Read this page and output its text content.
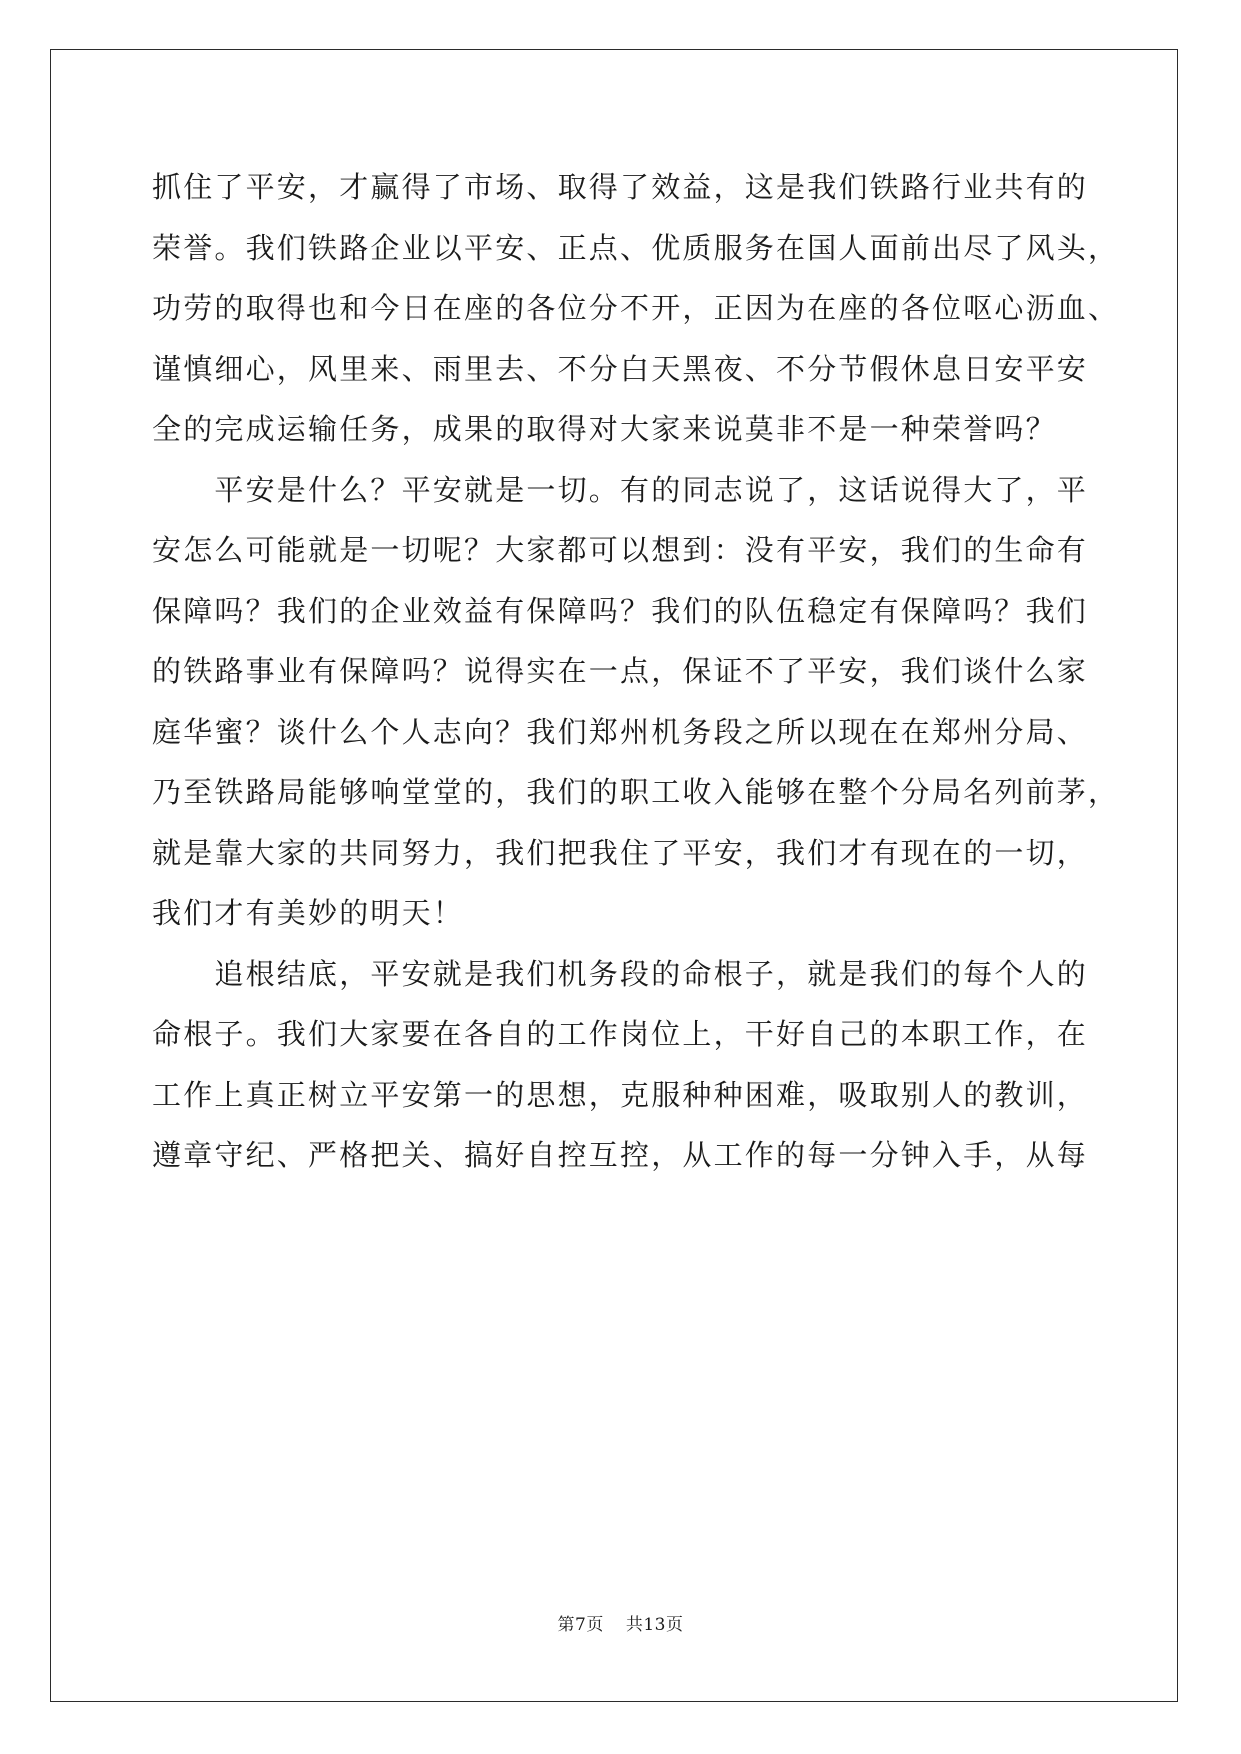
抓住了平安，才赢得了市场、取得了效益，这是我们铁路行业共有的
荣誉。我们铁路企业以平安、正点、优质服务在国人面前出尽了风头，
功劳的取得也和今日在座的各位分不开，正因为在座的各位呕心沥血、
谨慎细心，风里来、雨里去、不分白天黑夜、不分节假休息日安平安
全的完成运输任务，成果的取得对大家来说莫非不是一种荣誉吗？

　　平安是什么？平安就是一切。有的同志说了，这话说得大了，平
安怎么可能就是一切呢？大家都可以想到：没有平安，我们的生命有
保障吗？我们的企业效益有保障吗？我们的队伍稳定有保障吗？我们
的铁路事业有保障吗？说得实在一点，保证不了平安，我们谈什么家
庭华蜜？谈什么个人志向？我们郑州机务段之所以现在在郑州分局、
乃至铁路局能够响堂堂的，我们的职工收入能够在整个分局名列前茅，
就是靠大家的共同努力，我们把我住了平安，我们才有现在的一切，
我们才有美妙的明天！

　　追根结底，平安就是我们机务段的命根子，就是我们的每个人的
命根子。我们大家要在各自的工作岗位上，干好自己的本职工作，在
工作上真正树立平安第一的思想，克服种种困难，吸取别人的教训，
遵章守纪、严格把关、搞好自控互控，从工作的每一分钟入手，从每

第7页 共13页
